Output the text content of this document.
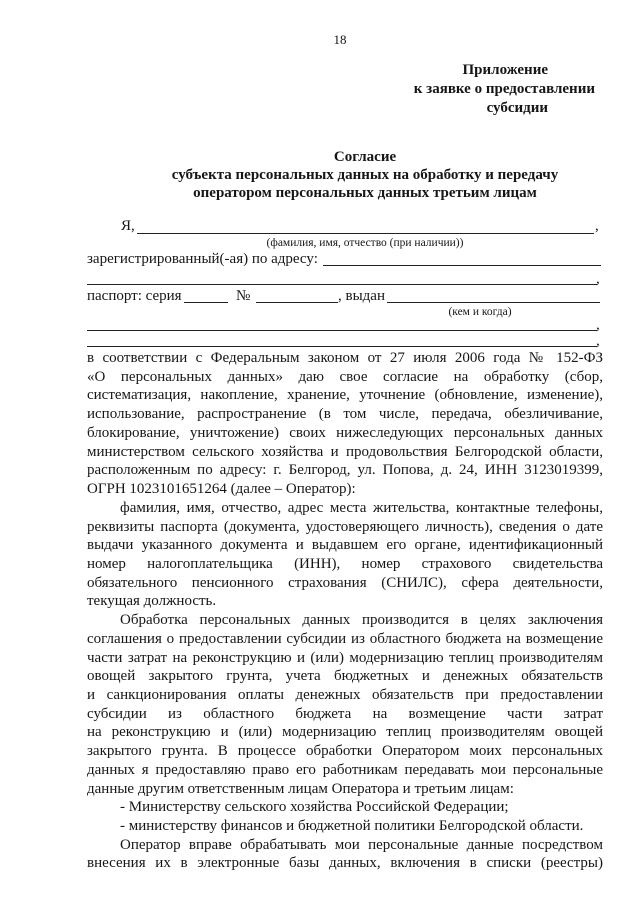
18
Приложение
к заявке о предоставлении
субсидии
Согласие
субъекта персональных данных на обработку и передачу
оператором персональных данных третьим лицам
Я,	,
(фамилия, имя, отчество (при наличии))
зарегистрированный(-ая) по адресу:
,
паспорт: серия	№	, выдан
(кем и когда)
,
,
в соответствии с Федеральным законом от 27 июля 2006 года № 152-ФЗ
«О персональных данных» даю свое согласие на обработку (сбор,
систематизация, накопление, хранение, уточнение (обновление, изменение),
использование, распространение (в том числе, передача, обезличивание,
блокирование, уничтожение) своих нижеследующих персональных данных
министерством сельского хозяйства и продовольствия Белгородской области,
расположенным по адресу: г. Белгород, ул. Попова, д. 24, ИНН 3123019399,
ОГРН 1023101651264 (далее – Оператор):
фамилия, имя, отчество, адрес места жительства, контактные телефоны,
реквизиты паспорта (документа, удостоверяющего личность), сведения о дате
выдачи указанного документа и выдавшем его органе, идентификационный
номер налогоплательщика (ИНН), номер страхового свидетельства
обязательного пенсионного страхования (СНИЛС), сфера деятельности,
текущая должность.
Обработка персональных данных производится в целях заключения
соглашения о предоставлении субсидии из областного бюджета на возмещение
части затрат на реконструкцию и (или) модернизацию теплиц производителям
овощей закрытого грунта, учета бюджетных и денежных обязательств
и санкционирования оплаты денежных обязательств при предоставлении
субсидии из областного бюджета на возмещение части затрат
на реконструкцию и (или) модернизацию теплиц производителям овощей
закрытого грунта. В процессе обработки Оператором моих персональных
данных я предоставляю право его работникам передавать мои персональные
данные другим ответственным лицам Оператора и третьим лицам:
- Министерству сельского хозяйства Российской Федерации;
- министерству финансов и бюджетной политики Белгородской области.
Оператор вправе обрабатывать мои персональные данные посредством
внесения их в электронные базы данных, включения в списки (реестры)
